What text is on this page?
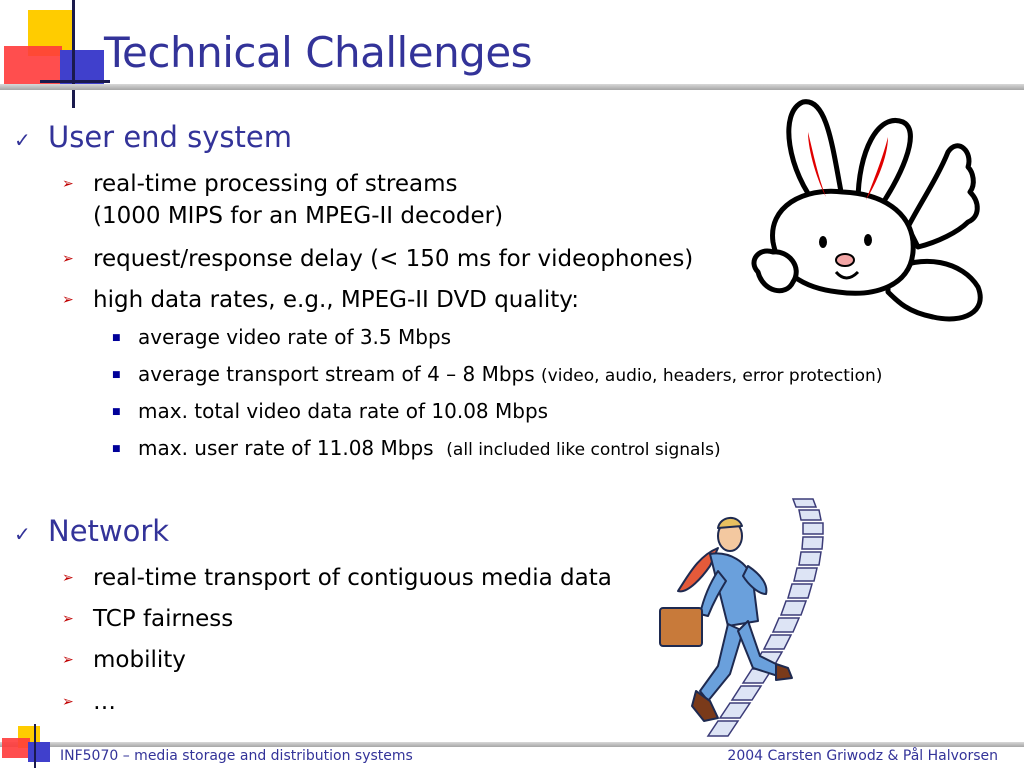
Technical Challenges
✓ User end system
➢ real-time processing of streams
(1000 MIPS for an MPEG-II decoder)
➢ request/response delay (< 150 ms for videophones)
➢ high data rates, e.g., MPEG-II DVD quality:
■ average video rate of 3.5 Mbps
■ average transport stream of 4 – 8 Mbps (video, audio, headers, error protection)
■ max. total video data rate of 10.08 Mbps
■ max. user rate of 11.08 Mbps (all included like control signals)
✓ Network
➢ real-time transport of contiguous media data
➢ TCP fairness
➢ mobility
➢ …
INF5070 – media storage and distribution systems	2004 Carsten Griwodz & Pål Halvorsen
